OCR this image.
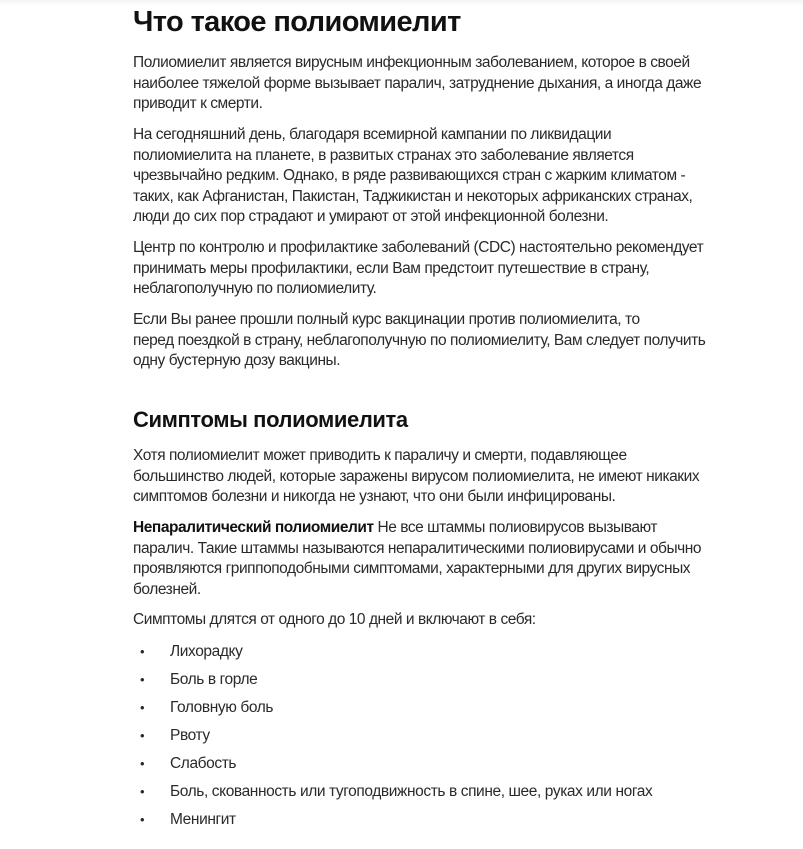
Что такое полиомиелит
Полиомиелит является вирусным инфекционным заболеванием, которое в своей
наиболее тяжелой форме вызывает паралич, затруднение дыхания, а иногда даже
приводит к смерти.
На сегодняшний день, благодаря всемирной кампании по ликвидации
полиомиелита на планете, в развитых странах это заболевание является
чрезвычайно редким. Однако, в ряде развивающихся стран с жарким климатом -
таких, как Афганистан, Пакистан, Таджикистан и некоторых африканских странах,
люди до сих пор страдают и умирают от этой инфекционной болезни.
Центр по контролю и профилактике заболеваний (CDC) настоятельно рекомендует
принимать меры профилактики, если Вам предстоит путешествие в страну,
неблагополучную по полиомиелиту.
Если Вы ранее прошли полный курс вакцинации против полиомиелита, то
перед поездкой в страну, неблагополучную по полиомиелиту, Вам следует получить
одну бустерную дозу вакцины.
Симптомы полиомиелита
Хотя полиомиелит может приводить к параличу и смерти, подавляющее
большинство людей, которые заражены вирусом полиомиелита, не имеют никаких
симптомов болезни и никогда не узнают, что они были инфицированы.
Непаралитический полиомиелит Не все штаммы полиовирусов вызывают
паралич. Такие штаммы называются непаралитическими полиовирусами и обычно
проявляются гриппоподобными симптомами, характерными для других вирусных
болезней.
Симптомы длятся от одного до 10 дней и включают в себя:
• Лихорадку
• Боль в горле
• Головную боль
• Рвоту
• Слабость
• Боль, скованность или тугоподвижность в спине, шее, руках или ногах
• Менингит
